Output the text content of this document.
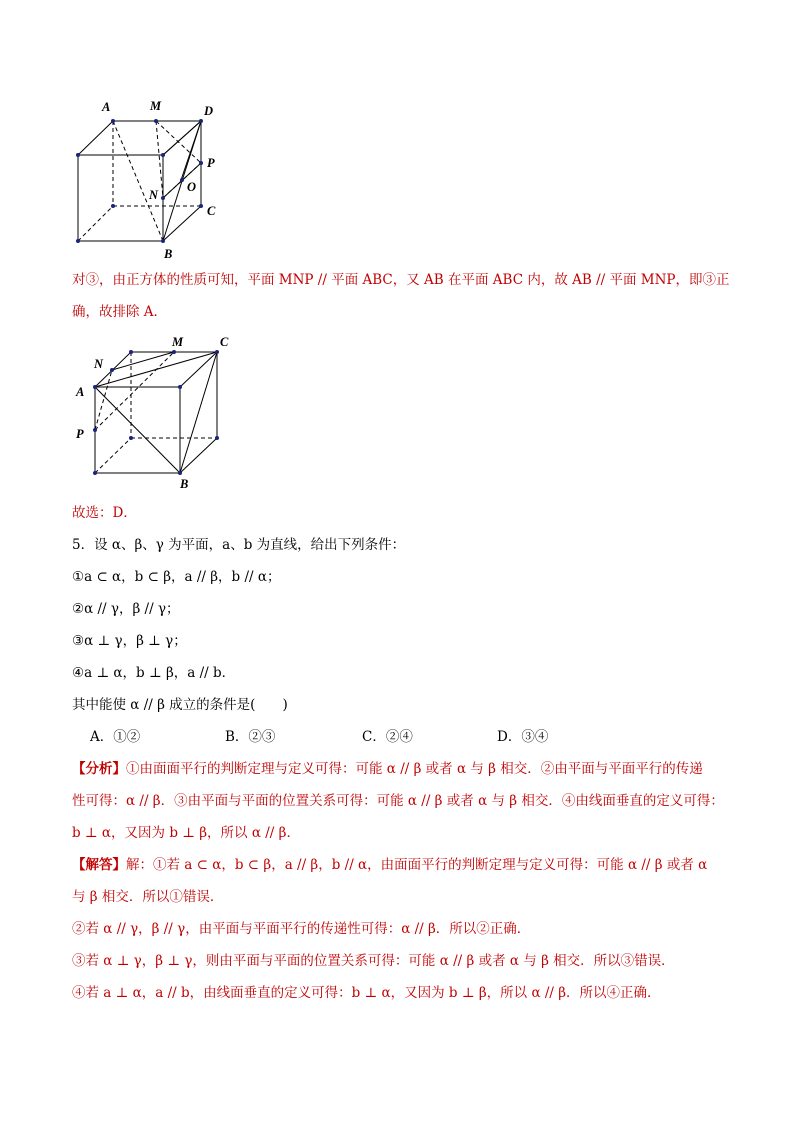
A	M	D
P
O
N
C
B
对③，由正方体的性质可知，平面 MNP // 平面 ABC，又 AB 在平面 ABC 内，故 AB // 平面 MNP，即③正
确，故排除 A．
N
M	C
A
P
B
故选：D．
5．设 α、β、γ 为平面，a、b 为直线，给出下列条件：
①a ⊂ α，b ⊂ β，a // β，b // α；
②α // γ，β // γ；
③α ⊥ γ，β ⊥ γ；
④a ⊥ α，b ⊥ β，a // b．
其中能使 α // β 成立的条件是(　　)
A．①②	B．②③	C．②④	D．③④
【分析】①由面面平行的判断定理与定义可得：可能 α // β 或者 α 与 β 相交．②由平面与平面平行的传递
性可得：α // β．③由平面与平面的位置关系可得：可能 α // β 或者 α 与 β 相交．④由线面垂直的定义可得：
b ⊥ α，又因为 b ⊥ β，所以 α // β．
【解答】解：①若 a ⊂ α，b ⊂ β，a // β，b // α，由面面平行的判断定理与定义可得：可能 α // β 或者 α
与 β 相交．所以①错误．
②若 α // γ，β // γ，由平面与平面平行的传递性可得：α // β．所以②正确．
③若 α ⊥ γ，β ⊥ γ，则由平面与平面的位置关系可得：可能 α // β 或者 α 与 β 相交．所以③错误．
④若 a ⊥ α，a // b，由线面垂直的定义可得：b ⊥ α，又因为 b ⊥ β，所以 α // β．所以④正确．
